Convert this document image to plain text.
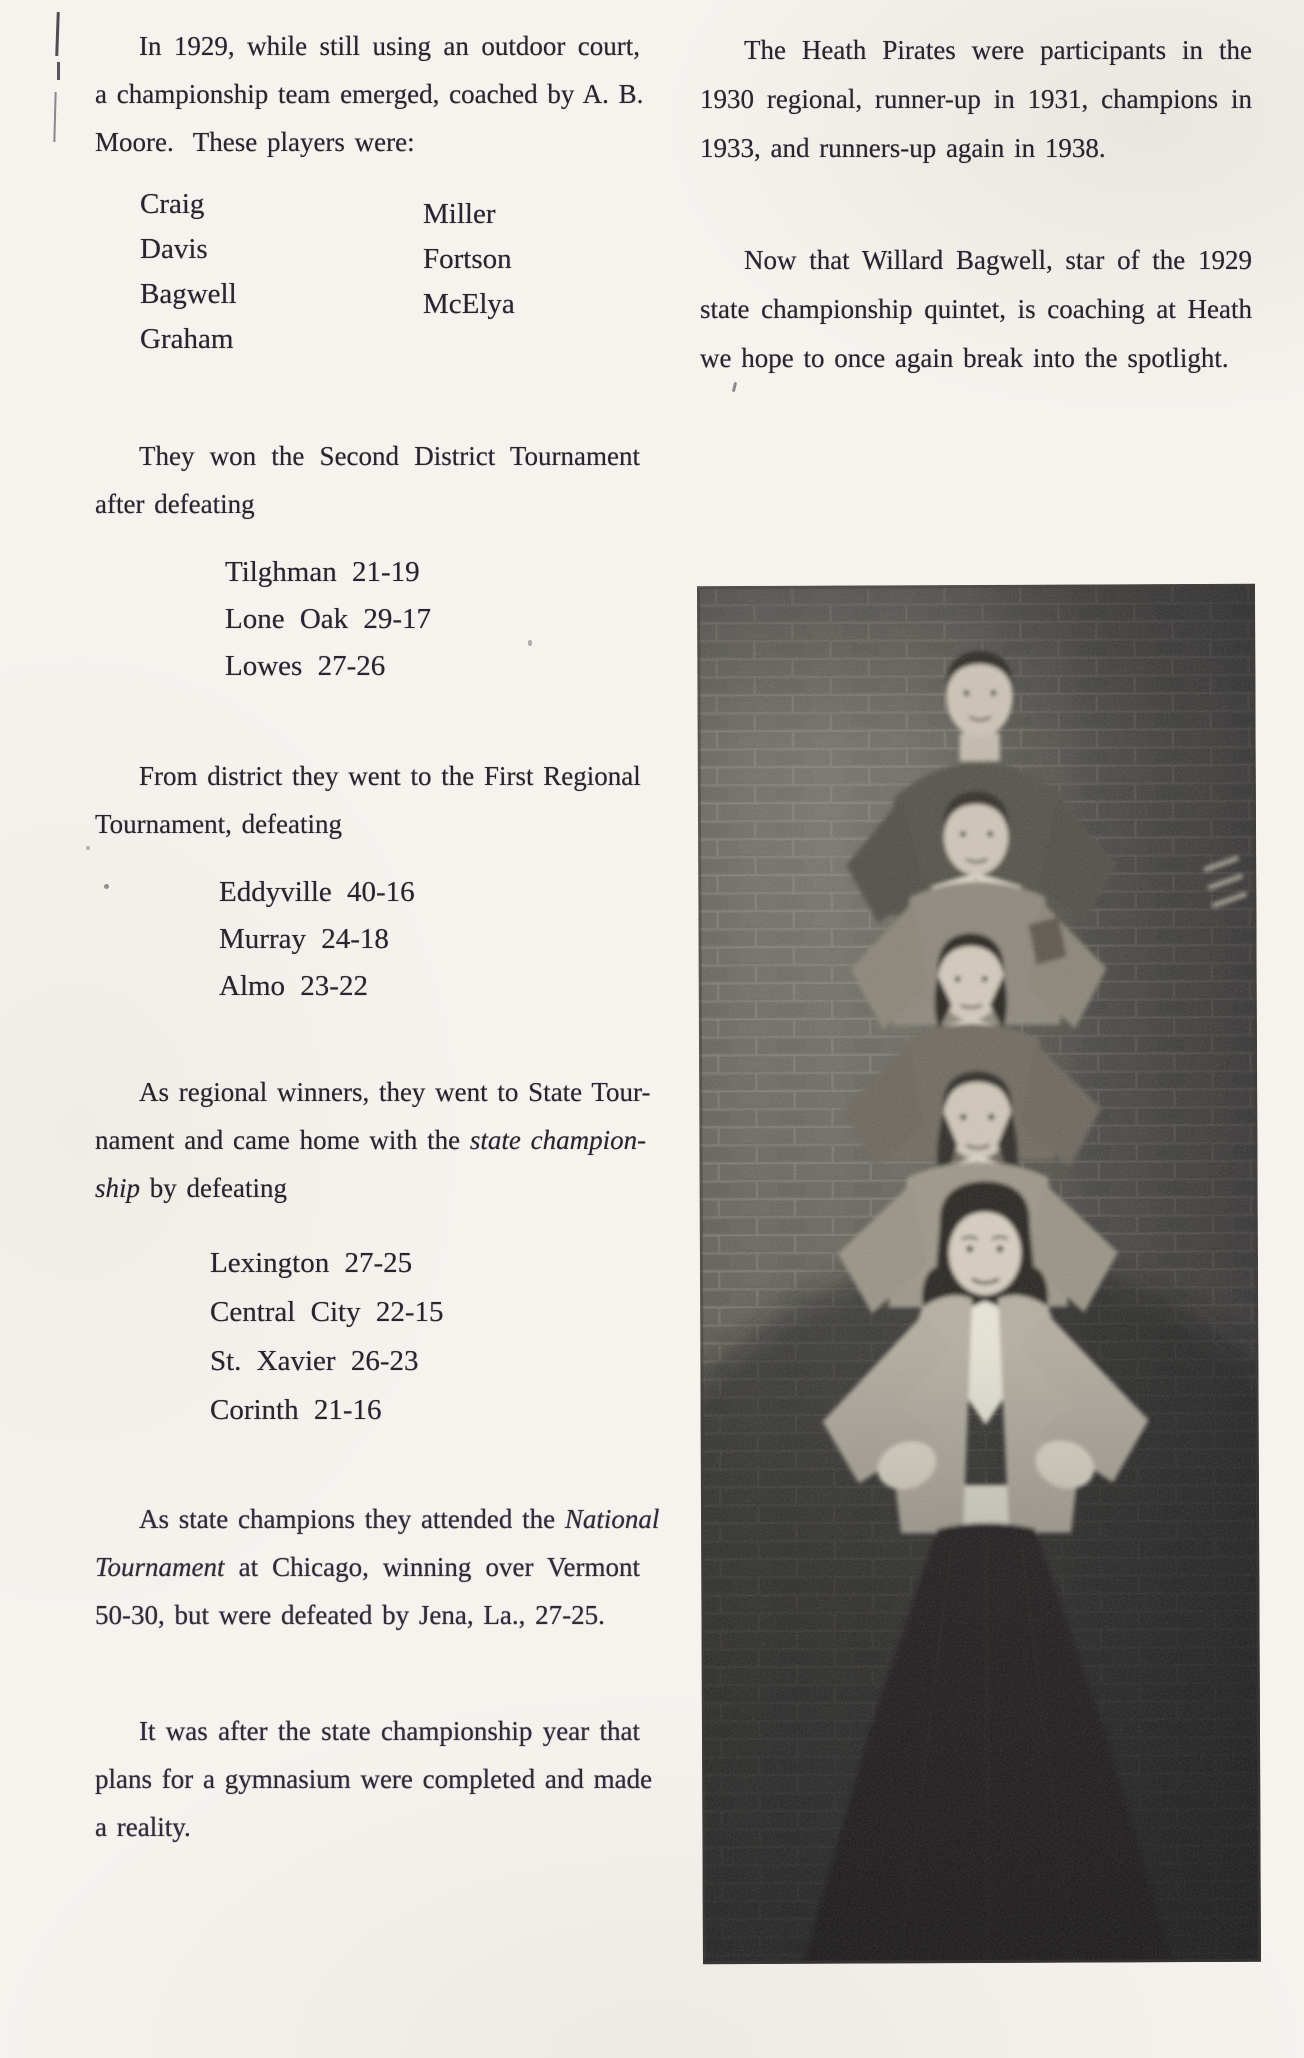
In 1929, while still using an outdoor court,
a championship team emerged, coached by A. B.
Moore.  These players were:
Craig
Davis
Bagwell
Graham
Miller
Fortson
McElya
They won the Second District Tournament
after defeating
Tilghman 21-19
Lone Oak 29-17
Lowes 27-26
From district they went to the First Regional
Tournament, defeating
Eddyville 40-16
Murray 24-18
Almo 23-22
As regional winners, they went to State Tour-
nament and came home with the state champion-
ship by defeating
Lexington 27-25
Central City 22-15
St. Xavier 26-23
Corinth 21-16
As state champions they attended the National
Tournament at Chicago, winning over Vermont
50-30, but were defeated by Jena, La., 27-25.
It was after the state championship year that
plans for a gymnasium were completed and made
a reality.
The Heath Pirates were participants in the
1930 regional, runner-up in 1931, champions in
1933, and runners-up again in 1938.
Now that Willard Bagwell, star of the 1929
state championship quintet, is coaching at Heath
we hope to once again break into the spotlight.
